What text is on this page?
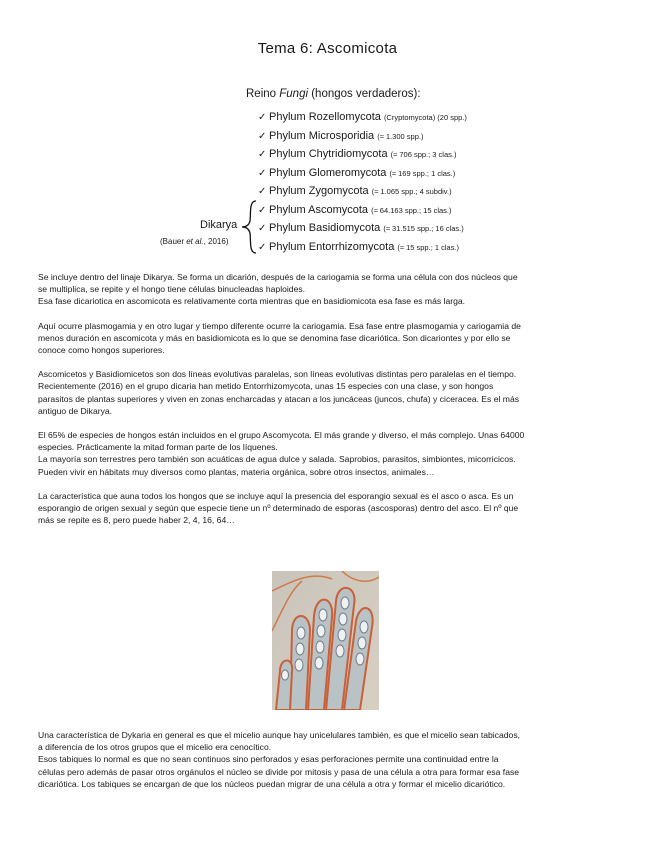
Tema 6: Ascomicota
Reino Fungi (hongos verdaderos):
✓ Phylum Rozellomycota (Cryptomycota) (20 spp.)
✓ Phylum Microsporidia (≈ 1.300 spp.)
✓ Phylum Chytridiomycota (≈ 706 spp.; 3 clas.)
✓ Phylum Glomeromycota (≈ 169 spp.; 1 clas.)
✓ Phylum Zygomycota (≈ 1.065 spp.; 4 subdiv.)
✓ Phylum Ascomycota (≈ 64.163 spp.; 15 clas.)
✓ Phylum Basidiomycota (≈ 31.515 spp.; 16 clas.)
✓ Phylum Entorrhizomycota (≈ 15 spp.; 1 clas.)
Dikarya
(Bauer et al., 2016)

Se incluye dentro del linaje Dikarya. Se forma un dicarión, después de la cariogamia se forma una célula con dos núcleos que
se multiplica, se repite y el hongo tiene células binucleadas haploides.
Esa fase dicariotica en ascomicota es relativamente corta mientras que en basidiomicota esa fase es más larga.

Aquí ocurre plasmogamia y en otro lugar y tiempo diferente ocurre la cariogamia. Esa fase entre plasmogamia y cariogamia de
menos duración en ascomicota y más en basidiomicota es lo que se denomina fase dicariótica. Son dicariontes y por ello se
conoce como hongos superiores.

Ascomicetos y Basidiomicetos son dos líneas evolutivas paralelas, son líneas evolutivas distintas pero paralelas en el tiempo.
Recientemente (2016) en el grupo dicaria han metido Entorrhizomycota, unas 15 especies con una clase, y son hongos
parasitos de plantas superiores y viven en zonas encharcadas y atacan a los juncáceas (juncos, chufa) y ciceracea. Es el más
antiguo de Dikarya.

El 65% de especies de hongos están incluidos en el grupo Ascomycota. El más grande y diverso, el más complejo. Unas 64000
especies. Prácticamente la mitad forman parte de los líquenes.
La mayoría son terrestres pero también son acuáticas de agua dulce y salada. Saprobios, parasitos, simbiontes, micorricicos.
Pueden vivir en hábitats muy diversos como plantas, materia orgánica, sobre otros insectos, animales…

La característica que auna todos los hongos que se incluye aquí la presencia del esporangio sexual es el asco o asca. Es un
esporangio de origen sexual y según que especie tiene un nº determinado de esporas (ascosporas) dentro del asco. El nº que
más se repite es 8, pero puede haber 2, 4, 16, 64…

Una característica de Dykaria en general es que el micelio aunque hay unicelulares también, es que el micelio sean tabicados,
a diferencia de los otros grupos que el micelio era cenocítico.
Esos tabiques lo normal es que no sean continuos sino perforados y esas perforaciones permite una continuidad entre la
células pero además de pasar otros orgánulos el núcleo se divide por mitosis y pasa de una célula a otra para formar esa fase
dicariótica. Los tabiques se encargan de que los núcleos puedan migrar de una célula a otra y formar el micelio dicariótico.
